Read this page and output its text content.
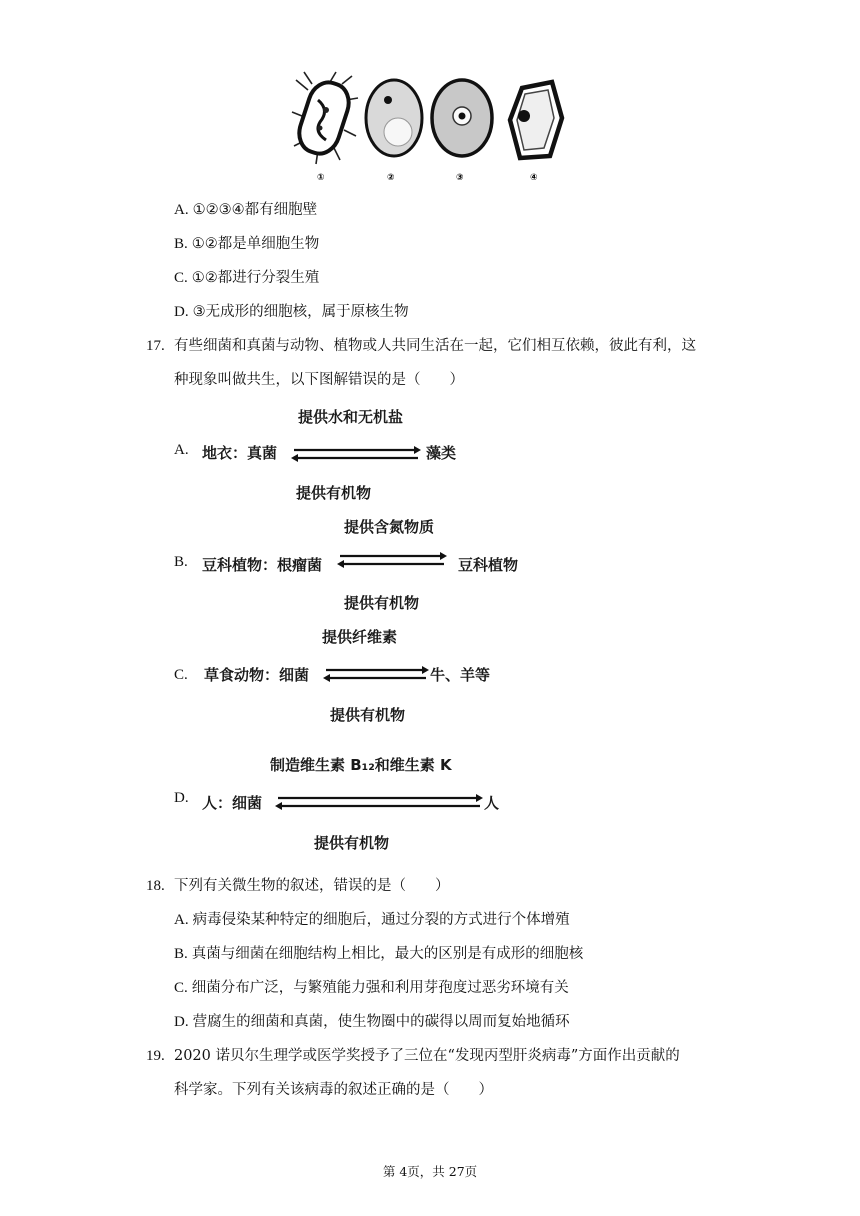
①	②	③	④
A. ①②③④都有细胞壁
B. ①②都是单细胞生物
C. ①②都进行分裂生殖
D. ③无成形的细胞核，属于原核生物
17. 有些细菌和真菌与动物、植物或人共同生活在一起，它们相互依赖，彼此有利，这
种现象叫做共生，以下图解错误的是（　　）
提供水和无机盐
A. 地衣：真菌	藻类
提供有机物
提供含氮物质
B. 豆科植物：根瘤菌	豆科植物
提供有机物
提供纤维素
C. 草食动物：细菌	牛、羊等
提供有机物
制造维生素 B₁₂和维生素 K
D. 人：细菌	人
提供有机物
18. 下列有关微生物的叙述，错误的是（　　）
A. 病毒侵染某种特定的细胞后，通过分裂的方式进行个体增殖
B. 真菌与细菌在细胞结构上相比，最大的区别是有成形的细胞核
C. 细菌分布广泛，与繁殖能力强和利用芽孢度过恶劣环境有关
D. 营腐生的细菌和真菌，使生物圈中的碳得以周而复始地循环
19. 2020 诺贝尔生理学或医学奖授予了三位在“发现丙型肝炎病毒”方面作出贡献的
科学家。下列有关该病毒的叙述正确的是（　　）
第 4页，共 27页
